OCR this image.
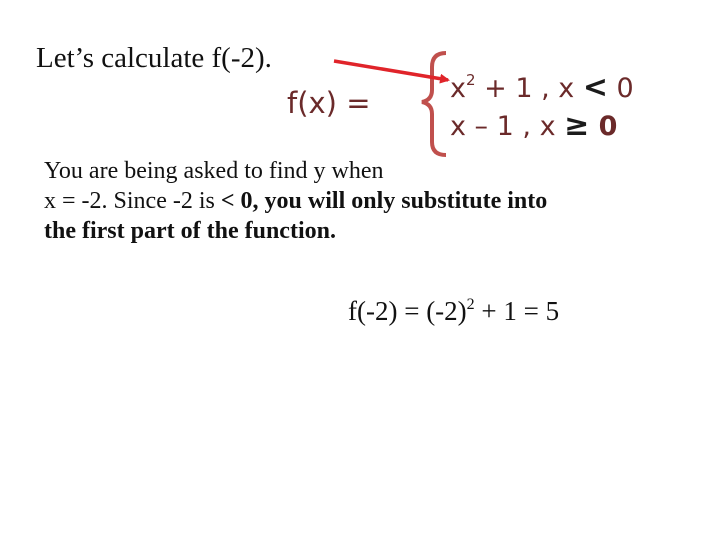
Let’s calculate f(-2).
f(x) =	$x^2 + 1$ , x < 0
x – 1 , x ≥ 0
You are being asked to find y when
x = -2. Since -2 is < 0, you will only substitute into
the first part of the function.
$f(-2) = (-2)^2 + 1 = 5$
